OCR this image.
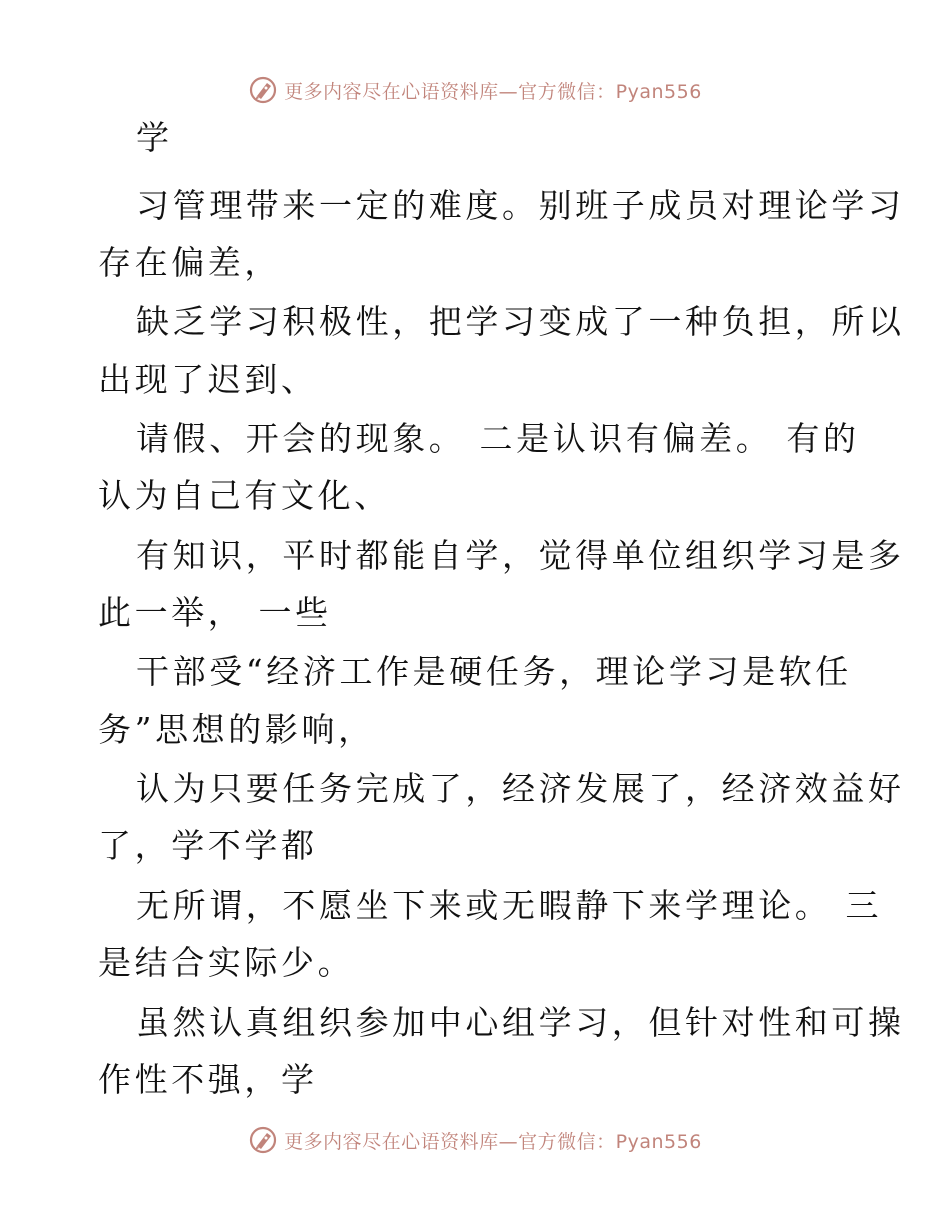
更多内容尽在心语资料库—官方微信：Pyan556
学
习管理带来一定的难度。别班子成员对理论学习
存在偏差，
缺乏学习积极性，把学习变成了一种负担，所以
出现了迟到、
请假、开会的现象。 二是认识有偏差。 有的
认为自己有文化、
有知识，平时都能自学，觉得单位组织学习是多
此一举， 一些
干部受“经济工作是硬任务，理论学习是软任
务”思想的影响，
认为只要任务完成了，经济发展了，经济效益好
了，学不学都
无所谓，不愿坐下来或无暇静下来学理论。 三
是结合实际少。
虽然认真组织参加中心组学习，但针对性和可操
作性不强，学
更多内容尽在心语资料库—官方微信：Pyan556
